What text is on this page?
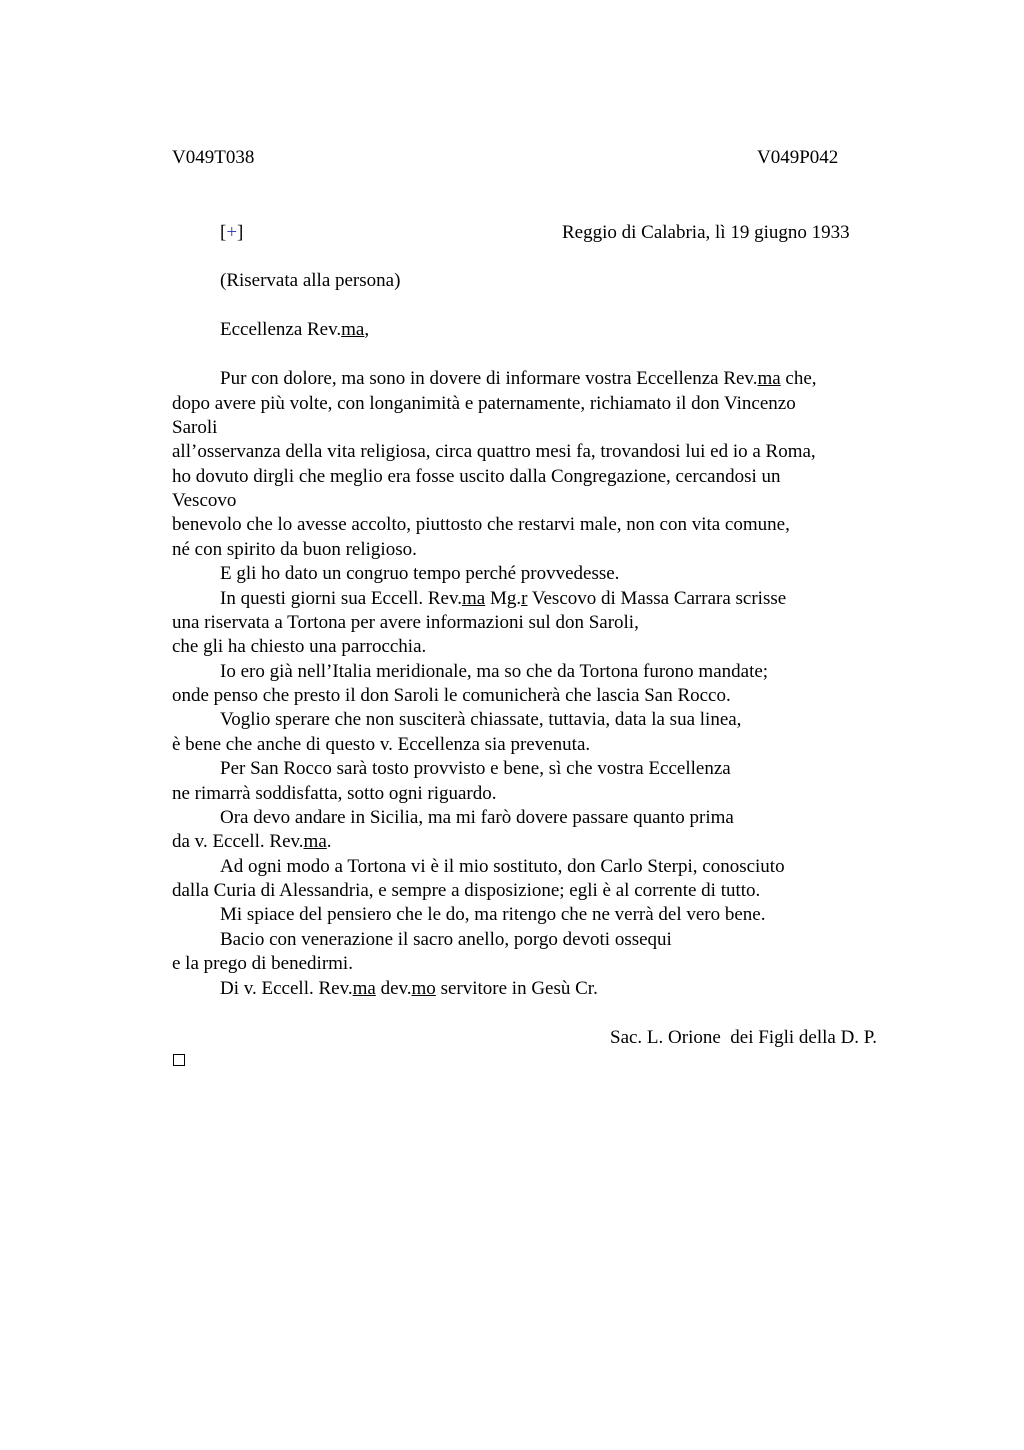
V049T038	V049P042
[+]	Reggio di Calabria, lì 19 giugno 1933
(Riservata alla persona)
Eccellenza Rev.ma,
Pur con dolore, ma sono in dovere di informare vostra Eccellenza Rev.ma che,
dopo avere più volte, con longanimità e paternamente, richiamato il don Vincenzo
Saroli
all’osservanza della vita religiosa, circa quattro mesi fa, trovandosi lui ed io a Roma,
ho dovuto dirgli che meglio era fosse uscito dalla Congregazione, cercandosi un
Vescovo
benevolo che lo avesse accolto, piuttosto che restarvi male, non con vita comune,
né con spirito da buon religioso.
E gli ho dato un congruo tempo perché provvedesse.
In questi giorni sua Eccell. Rev.ma Mg.r Vescovo di Massa Carrara scrisse
una riservata a Tortona per avere informazioni sul don Saroli,
che gli ha chiesto una parrocchia.
Io ero già nell’Italia meridionale, ma so che da Tortona furono mandate;
onde penso che presto il don Saroli le comunicherà che lascia San Rocco.
Voglio sperare che non susciterà chiassate, tuttavia, data la sua linea,
è bene che anche di questo v. Eccellenza sia prevenuta.
Per San Rocco sarà tosto provvisto e bene, sì che vostra Eccellenza
ne rimarrà soddisfatta, sotto ogni riguardo.
Ora devo andare in Sicilia, ma mi farò dovere passare quanto prima
da v. Eccell. Rev.ma.
Ad ogni modo a Tortona vi è il mio sostituto, don Carlo Sterpi, conosciuto
dalla Curia di Alessandria, e sempre a disposizione; egli è al corrente di tutto.
Mi spiace del pensiero che le do, ma ritengo che ne verrà del vero bene.
Bacio con venerazione il sacro anello, porgo devoti ossequi
e la prego di benedirmi.
Di v. Eccell. Rev.ma dev.mo servitore in Gesù Cr.
Sac. L. Orione  dei Figli della D. P.
